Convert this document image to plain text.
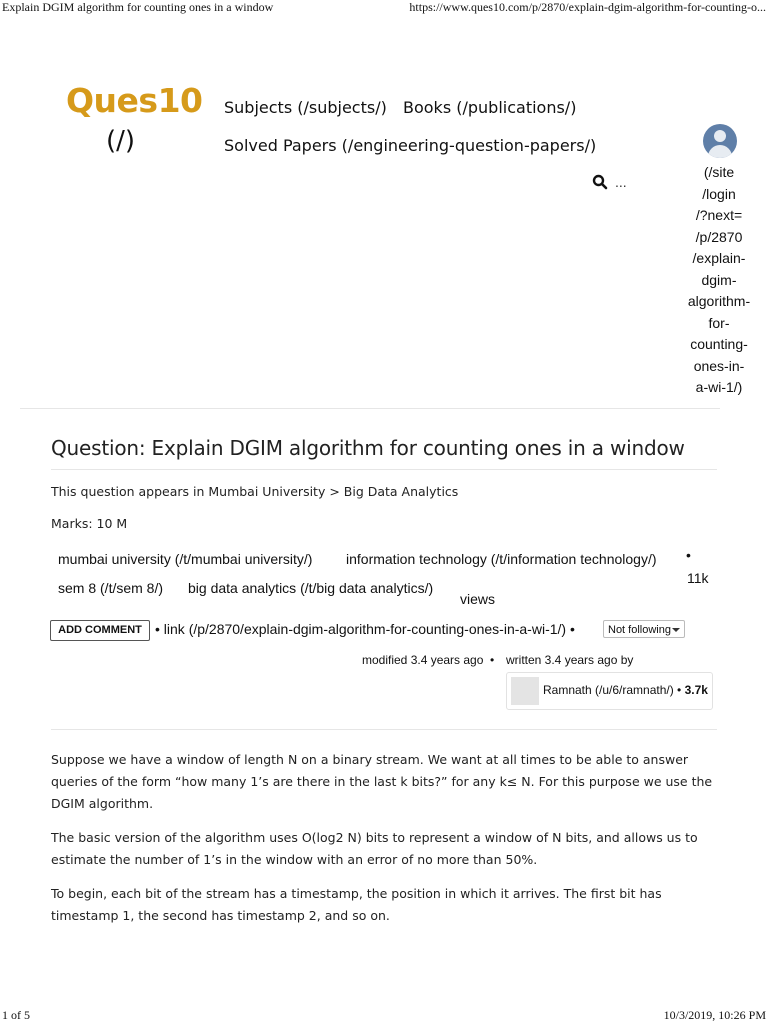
Explain DGIM algorithm for counting ones in a window	https://www.ques10.com/p/2870/explain-dgim-algorithm-for-counting-o...
Ques10
(/)
Subjects (/subjects/) Books (/publications/)
Solved Papers (/engineering-question-papers/)
...
(/site
/login
/?next=
/p/2870
/explain-
dgim-
algorithm-
for-
counting-
ones-in-
a-wi-1/)
Question: Explain DGIM algorithm for counting ones in a window
This question appears in Mumbai University > Big Data Analytics
Marks: 10 M
mumbai university (/t/mumbai university/) information technology (/t/information technology/)
sem 8 (/t/sem 8/) big data analytics (/t/big data analytics/)
•
11k
views
ADD COMMENT • link (/p/2870/explain-dgim-algorithm-for-counting-ones-in-a-wi-1/) •	Not following
modified 3.4 years ago • written 3.4 years ago by
Ramnath (/u/6/ramnath/) • 3.7k
Suppose we have a window of length N on a binary stream. We want at all times to be able to answer queries of the form “how many 1’s are there in the last k bits?” for any k≤ N. For this purpose we use the DGIM algorithm.
The basic version of the algorithm uses O(log2 N) bits to represent a window of N bits, and allows us to estimate the number of 1’s in the window with an error of no more than 50%.
To begin, each bit of the stream has a timestamp, the position in which it arrives. The first bit has timestamp 1, the second has timestamp 2, and so on.
1 of 5	10/3/2019, 10:26 PM
